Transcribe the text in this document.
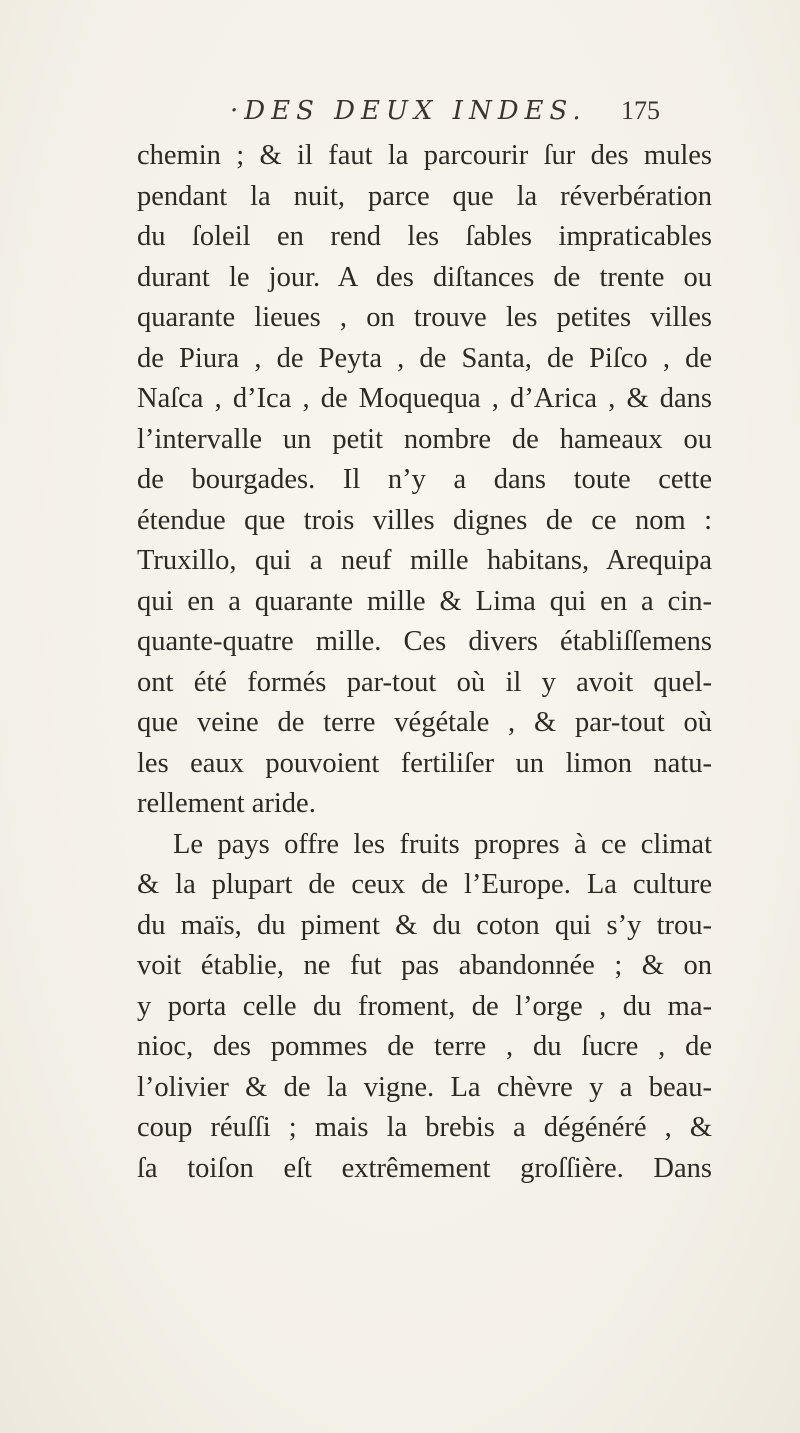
·DES DEUX INDES. 175
chemin ; & il faut la parcourir ſur des mules
pendant la nuit, parce que la réverbération
du ſoleil en rend les ſables impraticables
durant le jour. A des diſtances de trente ou
quarante lieues , on trouve les petites villes
de Piura , de Peyta , de Santa, de Piſco , de
Naſca , d’Ica , de Moquequa , d’Arica , & dans
l’intervalle un petit nombre de hameaux ou
de bourgades. Il n’y a dans toute cette
étendue que trois villes dignes de ce nom :
Truxillo, qui a neuf mille habitans, Arequipa
qui en a quarante mille & Lima qui en a cin-
quante-quatre mille. Ces divers établiſſemens
ont été formés par-tout où il y avoit quel-
que veine de terre végétale , & par-tout où
les eaux pouvoient fertiliſer un limon natu-
rellement aride.
Le pays offre les fruits propres à ce climat
& la plupart de ceux de l’Europe. La culture
du maïs, du piment & du coton qui s’y trou-
voit établie, ne fut pas abandonnée ; & on
y porta celle du froment, de l’orge , du ma-
nioc, des pommes de terre , du ſucre , de
l’olivier & de la vigne. La chèvre y a beau-
coup réuſſi ; mais la brebis a dégénéré , &
ſa toiſon eſt extrêmement groſſière. Dans
